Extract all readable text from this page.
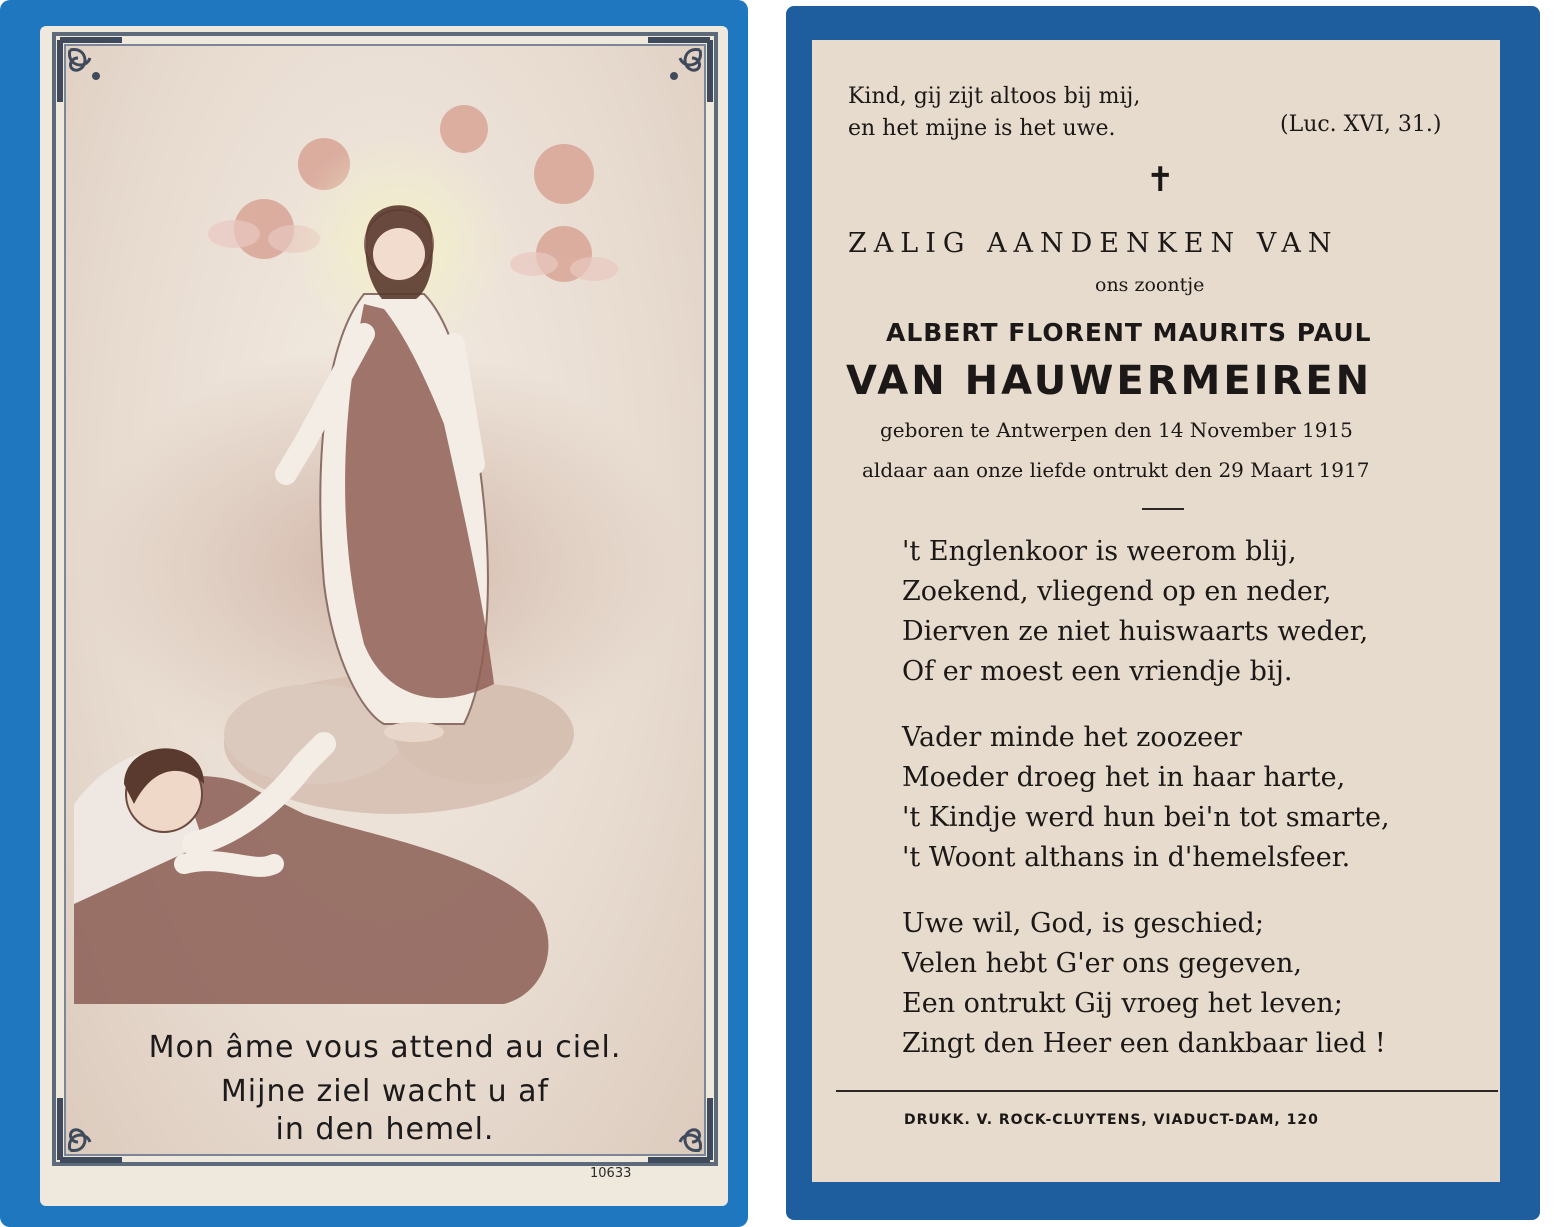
Mon âme vous attend au ciel.
Mijne ziel wacht u af
in den hemel.
10633
Kind, gij zijt altoos bij mij,
en het mijne is het uwe.	(Luc. XVI, 31.)
✝
ZALIG AANDENKEN VAN
ons zoontje
ALBERT FLORENT MAURITS PAUL
VAN HAUWERMEIREN
geboren te Antwerpen den 14 November 1915
aldaar aan onze liefde ontrukt den 29 Maart 1917
't Englenkoor is weerom blij,
Zoekend, vliegend op en neder,
Dierven ze niet huiswaarts weder,
Of er moest een vriendje bij.
Vader minde het zoozeer
Moeder droeg het in haar harte,
't Kindje werd hun bei'n tot smarte,
't Woont althans in d'hemelsfeer.
Uwe wil, God, is geschied;
Velen hebt G'er ons gegeven,
Een ontrukt Gij vroeg het leven;
Zingt den Heer een dankbaar lied !
DRUKK. V. ROCK-CLUYTENS, VIADUCT-DAM, 120
